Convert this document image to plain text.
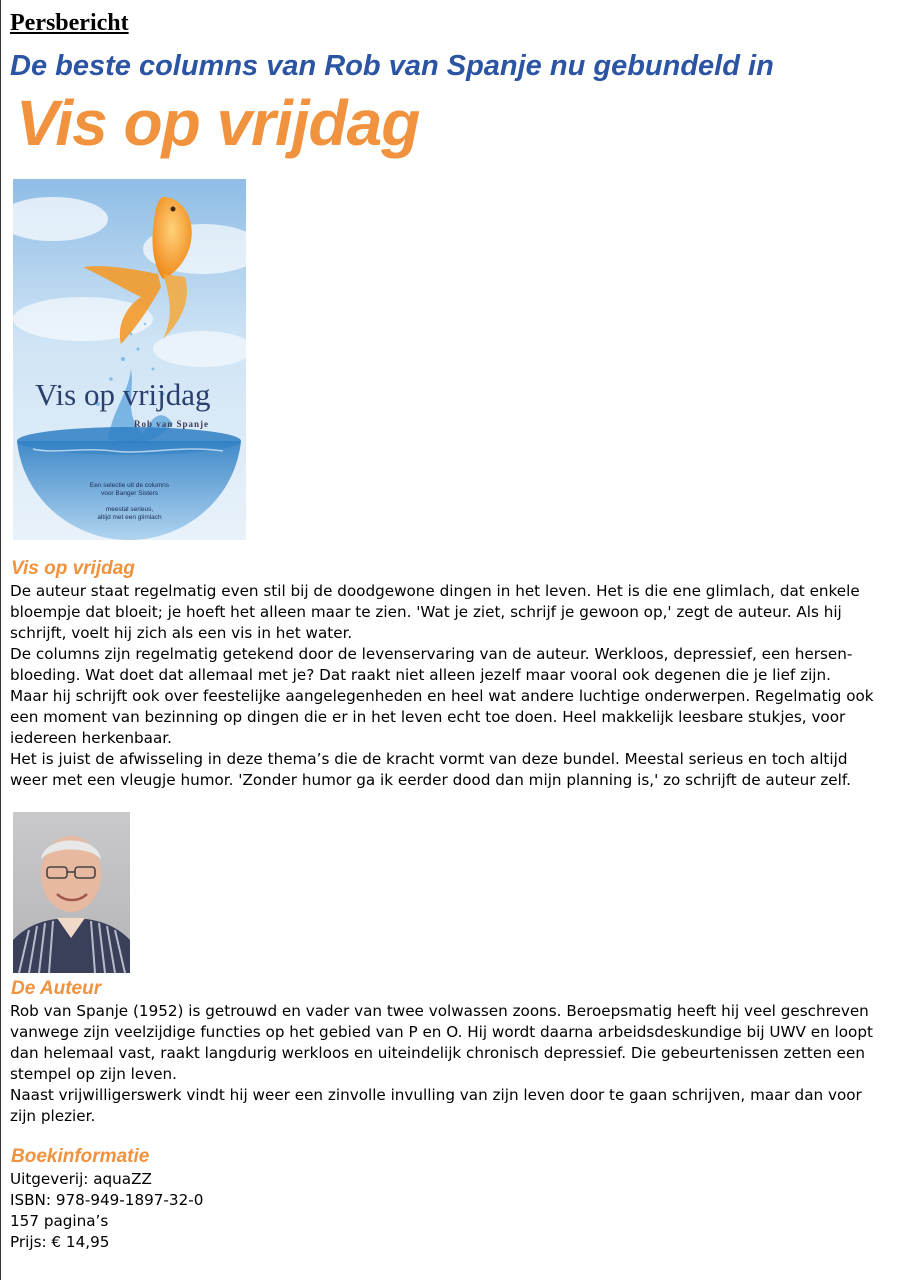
Persbericht
De beste columns van Rob van Spanje nu gebundeld in
Vis op vrijdag
Vis op vrijdag
Rob van Spanje
Een selectie uit de columns
voor Banger Sisters
meestal serieus,
altijd met een glimlach
Vis op vrijdag

De auteur staat regelmatig even stil bij de doodgewone dingen in het leven. Het is die ene glimlach, dat enkele

bloempje dat bloeit; je hoeft het alleen maar te zien. 'Wat je ziet, schrijf je gewoon op,' zegt de auteur. Als hij

schrijft, voelt hij zich als een vis in het water.

De columns zijn regelmatig getekend door de levenservaring van de auteur. Werkloos, depressief, een hersen-

bloeding. Wat doet dat allemaal met je? Dat raakt niet alleen jezelf maar vooral ook degenen die je lief zijn.

Maar hij schrijft ook over feestelijke aangelegenheden en heel wat andere luchtige onderwerpen. Regelmatig ook

een moment van bezinning op dingen die er in het leven echt toe doen. Heel makkelijk leesbare stukjes, voor

iedereen herkenbaar.

Het is juist de afwisseling in deze thema’s die de kracht vormt van deze bundel. Meestal serieus en toch altijd

weer met een vleugje humor. 'Zonder humor ga ik eerder dood dan mijn planning is,' zo schrijft de auteur zelf.

De Auteur

Rob van Spanje (1952) is getrouwd en vader van twee volwassen zoons. Beroepsmatig heeft hij veel geschreven

vanwege zijn veelzijdige functies op het gebied van P en O. Hij wordt daarna arbeidsdeskundige bij UWV en loopt

dan helemaal vast, raakt langdurig werkloos en uiteindelijk chronisch depressief. Die gebeurtenissen zetten een

stempel op zijn leven.

Naast vrijwilligerswerk vindt hij weer een zinvolle invulling van zijn leven door te gaan schrijven, maar dan voor

zijn plezier.

Boekinformatie

Uitgeverij: aquaZZ

ISBN: 978-949-1897-32-0

157 pagina’s

Prijs: € 14,95
